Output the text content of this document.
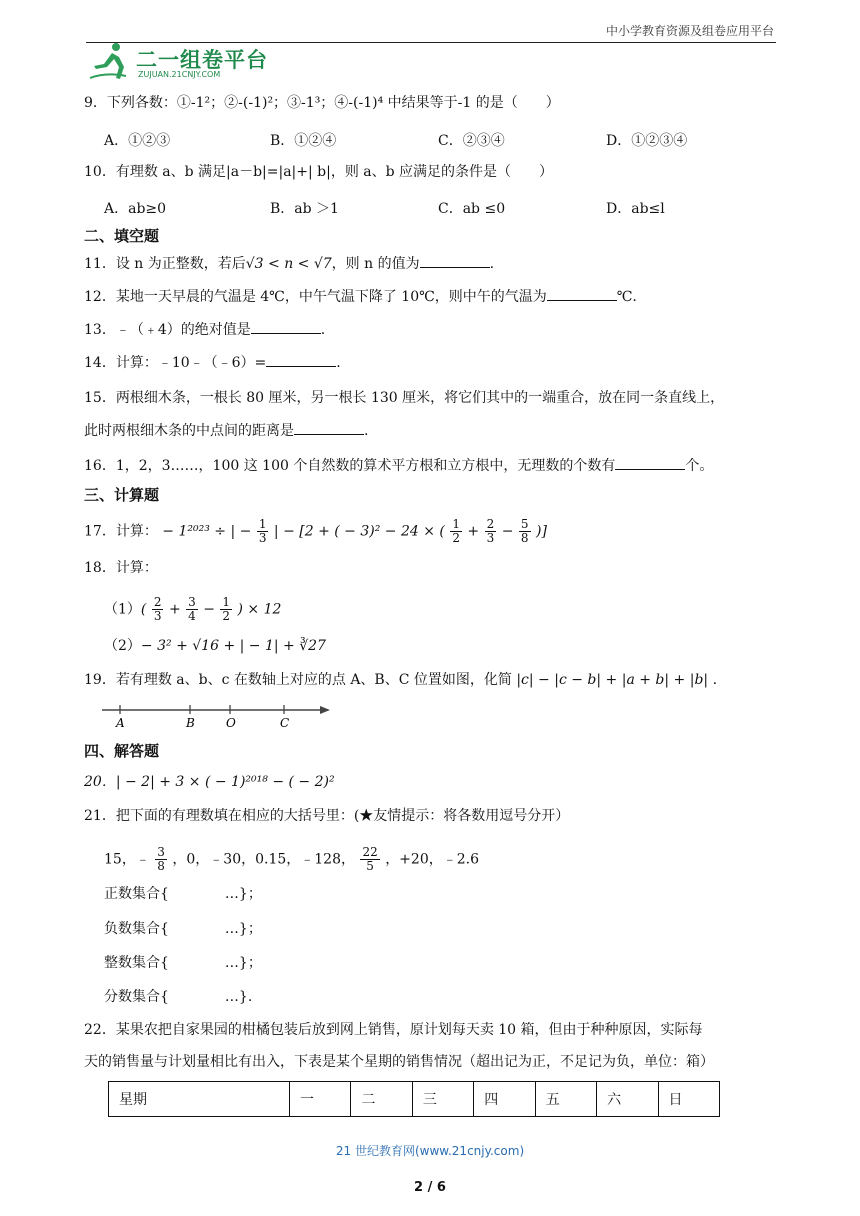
中小学教育资源及组卷应用平台
二一组卷平台
ZUJUAN.21CNJY.COM
9．下列各数：①-1²；②-(-1)²；③-1³；④-(-1)⁴ 中结果等于-1 的是（　　）
A．①②③	B．①②④	C．②③④	D．①②③④
10．有理数 a、b 满足|a－b|=|a|+| b|，则 a、b 应满足的条件是（　　）
A．ab≥0	B．ab ＞1	C．ab ≤0	D．ab≤l
二、填空题
11．设 n 为正整数，若后√3 < n < √7，则 n 的值为	.
12．某地一天早晨的气温是 4℃，中午气温下降了 10℃，则中午的气温为	℃.
13．﹣（﹢4）的绝对值是	.
14．计算：﹣10﹣（﹣6）=	.
15．两根细木条，一根长 80 厘米，另一根长 130 厘米，将它们其中的一端重合，放在同一条直线上，
此时两根细木条的中点间的距离是	.
16．1，2，3……，100 这 100 个自然数的算术平方根和立方根中，无理数的个数有	个。
三、计算题
17．计算： − 1²⁰²³ ÷ | − $\frac{1}{3}$ | − [2 + ( − 3)² − 24 × ( $\frac{1}{2} + \frac{2}{3} - \frac{5}{8}$ )]
18．计算：
$(1)( \frac{2}{3} + \frac{3}{4} - \frac{1}{2}$ ) × 12
（2）− 3² + √16 + | − 1| + ∛27
19．若有理数 a、b、c 在数轴上对应的点 A、B、C 位置如图，化简 |c| − |c − b| + |a + b| + |b| .
A	B	O	C
四、解答题
20．| − 2| + 3 × ( − 1)²⁰¹⁸ − ( − 2)²
21．把下面的有理数填在相应的大括号里：(★友情提示：将各数用逗号分开）
15，﹣ $\frac{3}{8}$ ，0，﹣30，0.15，﹣128， $\frac{22}{5}$ ，+20，﹣2.6
正数集合{　　　　…}；
负数集合{　　　　…}；
整数集合{　　　　…}；
分数集合{　　　　…}.
22．某果农把自家果园的柑橘包装后放到网上销售，原计划每天卖 10 箱，但由于种种原因，实际每
天的销售量与计划量相比有出入，下表是某个星期的销售情况（超出记为正，不足记为负，单位：箱）
星期	一	二	三	四	五	六	日
21 世纪教育网(www.21cnjy.com)
2 / 6
